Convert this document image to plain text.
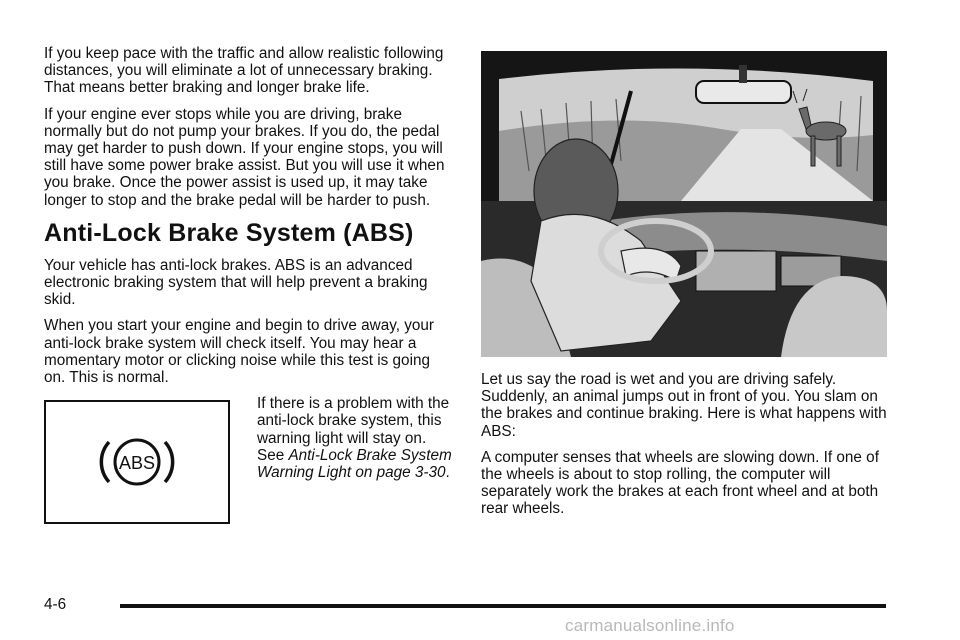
If you keep pace with the traffic and allow realistic following distances, you will eliminate a lot of unnecessary braking. That means better braking and longer brake life.

If your engine ever stops while you are driving, brake normally but do not pump your brakes. If you do, the pedal may get harder to push down. If your engine stops, you will still have some power brake assist. But you will use it when you brake. Once the power assist is used up, it may take longer to stop and the brake pedal will be harder to push.

Anti-Lock Brake System (ABS)

Your vehicle has anti-lock brakes. ABS is an advanced electronic braking system that will help prevent a braking skid.

When you start your engine and begin to drive away, your anti-lock brake system will check itself. You may hear a momentary motor or clicking noise while this test is going on. This is normal.

ABS

If there is a problem with the anti-lock brake system, this warning light will stay on. See Anti-Lock Brake System Warning Light on page 3-30.

Let us say the road is wet and you are driving safely. Suddenly, an animal jumps out in front of you. You slam on the brakes and continue braking. Here is what happens with ABS:

A computer senses that wheels are slowing down. If one of the wheels is about to stop rolling, the computer will separately work the brakes at each front wheel and at both rear wheels.

4-6
carmanualsonline.info
